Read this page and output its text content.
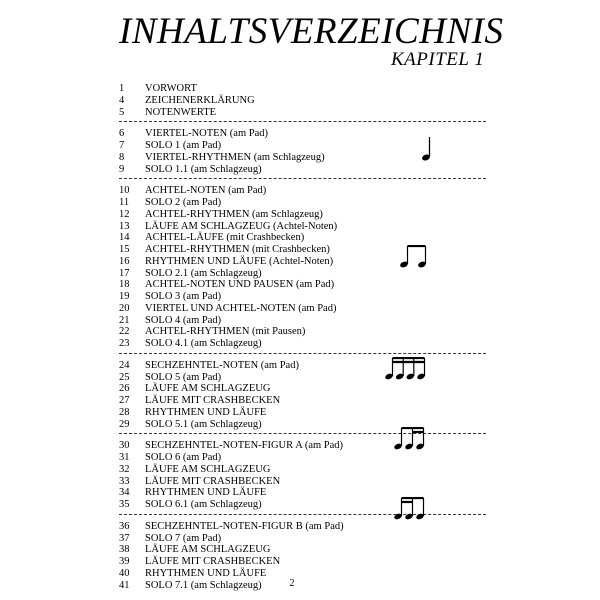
INHALTSVERZEICHNIS
KAPITEL 1
1	VORWORT
4	ZEICHENERKLÄRUNG
5	NOTENWERTE
6	VIERTEL-NOTEN (am Pad)
7	SOLO 1 (am Pad)
8	VIERTEL-RHYTHMEN (am Schlagzeug)
9	SOLO 1.1 (am Schlagzeug)
10	ACHTEL-NOTEN (am Pad)
11	SOLO 2 (am Pad)
12	ACHTEL-RHYTHMEN (am Schlagzeug)
13	LÄUFE AM SCHLAGZEUG (Achtel-Noten)
14	ACHTEL-LÄUFE (mit Crashbecken)
15	ACHTEL-RHYTHMEN (mit Crashbecken)
16	RHYTHMEN UND LÄUFE (Achtel-Noten)
17	SOLO 2.1 (am Schlagzeug)
18	ACHTEL-NOTEN UND PAUSEN (am Pad)
19	SOLO 3 (am Pad)
20	VIERTEL UND ACHTEL-NOTEN (am Pad)
21	SOLO 4 (am Pad)
22	ACHTEL-RHYTHMEN (mit Pausen)
23	SOLO 4.1 (am Schlagzeug)
24	SECHZEHNTEL-NOTEN (am Pad)
25	SOLO 5 (am Pad)
26	LÄUFE AM SCHLAGZEUG
27	LÄUFE MIT CRASHBECKEN
28	RHYTHMEN UND LÄUFE
29	SOLO 5.1 (am Schlagzeug)
30	SECHZEHNTEL-NOTEN-FIGUR A (am Pad)
31	SOLO 6 (am Pad)
32	LÄUFE AM SCHLAGZEUG
33	LÄUFE MIT CRASHBECKEN
34	RHYTHMEN UND LÄUFE
35	SOLO 6.1 (am Schlagzeug)
36	SECHZEHNTEL-NOTEN-FIGUR B (am Pad)
37	SOLO 7 (am Pad)
38	LÄUFE AM SCHLAGZEUG
39	LÄUFE MIT CRASHBECKEN
40	RHYTHMEN UND LÄUFE
41	SOLO 7.1 (am Schlagzeug)	2
